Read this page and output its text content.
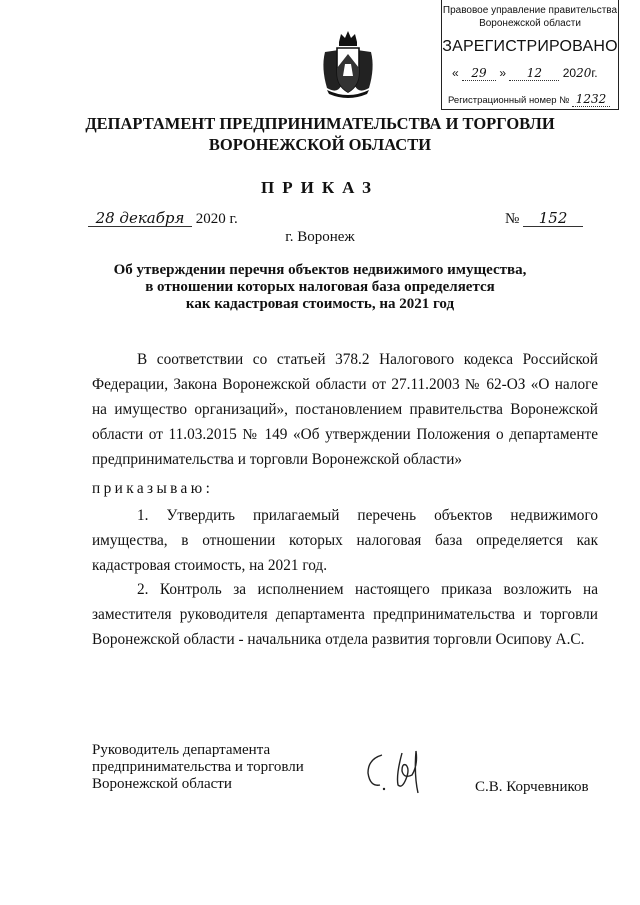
Правовое управление правительства
Воронежской области
ЗАРЕГИСТРИРОВАНО
« 29 » 12 2020г.
Регистрационный номер № 1232
ДЕПАРТАМЕНТ ПРЕДПРИНИМАТЕЛЬСТВА И ТОРГОВЛИ
ВОРОНЕЖСКОЙ ОБЛАСТИ
ПРИКАЗ
28 декабря 2020 г.	№ 152
г. Воронеж
Об утверждении перечня объектов недвижимого имущества,
в отношении которых налоговая база определяется
как кадастровая стоимость, на 2021 год

В соответствии со статьей 378.2 Налогового кодекса Российской Федерации, Закона Воронежской области от 27.11.2003 № 62-ОЗ «О налоге на имущество организаций», постановлением правительства Воронежской области от 11.03.2015 № 149 «Об утверждении Положения о департаменте предпринимательства и торговли Воронежской области»

приказываю:

1. Утвердить прилагаемый перечень объектов недвижимого имущества, в отношении которых налоговая база определяется как кадастровая стоимость, на 2021 год.

2. Контроль за исполнением настоящего приказа возложить на заместителя руководителя департамента предпринимательства и торговли Воронежской области - начальника отдела развития торговли Осипову А.С.

Руководитель департамента
предпринимательства и торговли
Воронежской области	С.В. Корчевников
